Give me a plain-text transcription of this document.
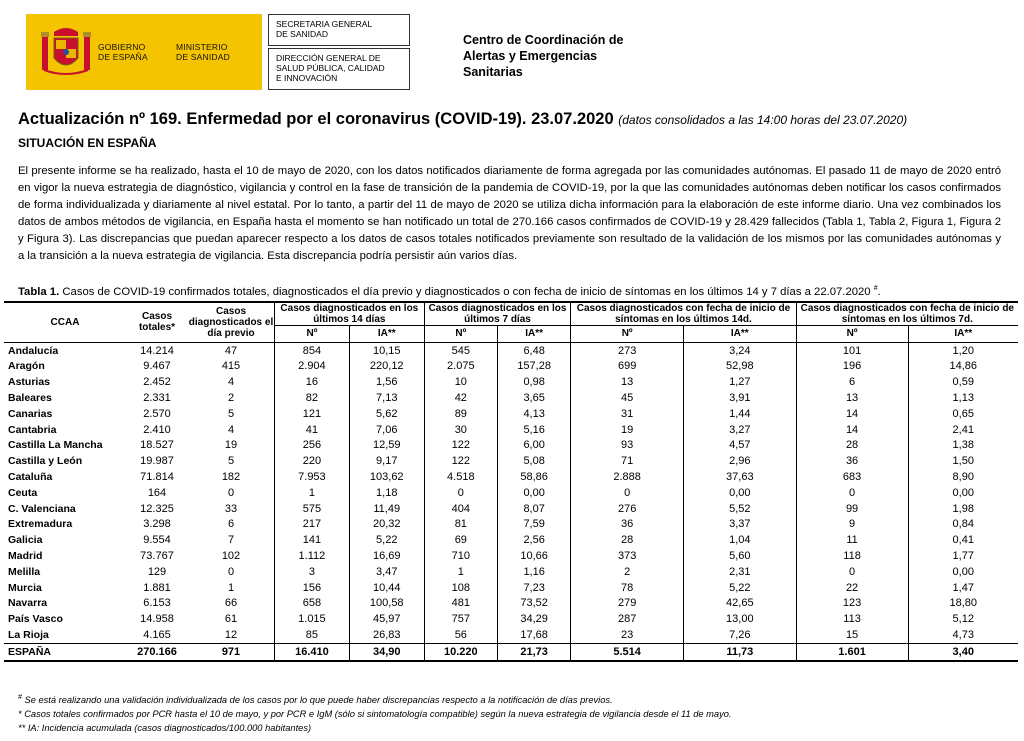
GOBIERNO
DE ESPAÑA
MINISTERIO
DE SANIDAD
SECRETARIA GENERAL
DE SANIDAD
DIRECCIÓN GENERAL DE
SALUD PÚBLICA, CALIDAD
E INNOVACIÓN
Centro de Coordinación de
Alertas y Emergencias
Sanitarias
Actualización nº 169. Enfermedad por el coronavirus (COVID-19). 23.07.2020 (datos consolidados a las 14:00 horas del 23.07.2020)
SITUACIÓN EN ESPAÑA
El presente informe se ha realizado, hasta el 10 de mayo de 2020, con los datos notificados diariamente de forma agregada por las comunidades autónomas. El pasado 11 de mayo de 2020 entró en vigor la nueva estrategia de diagnóstico, vigilancia y control en la fase de transición de la pandemia de COVID-19, por la que las comunidades autónomas deben notificar los casos confirmados de forma individualizada y diariamente al nivel estatal. Por lo tanto, a partir del 11 de mayo de 2020 se utiliza dicha información para la elaboración de este informe diario. Una vez combinados los datos de ambos métodos de vigilancia, en España hasta el momento se han notificado un total de 270.166 casos confirmados de COVID-19 y 28.429 fallecidos (Tabla 1, Tabla 2, Figura 1, Figura 2 y Figura 3). Las discrepancias que puedan aparecer respecto a los datos de casos totales notificados previamente son resultado de la validación de los mismos por las comunidades autónomas y a la transición a la nueva estrategia de vigilancia. Esta discrepancia podría persistir aún varios días.
Tabla 1. Casos de COVID-19 confirmados totales, diagnosticados el día previo y diagnosticados o con fecha de inicio de síntomas en los últimos 14 y 7 días a 22.07.2020 #.
CCAA	Casos totales*	Casos diagnosticados el día previo	Casos diagnosticados en los últimos 14 días		Casos diagnosticados en los últimos 7 días		Casos diagnosticados con fecha de inicio de síntomas en los últimos 14d.		Casos diagnosticados con fecha de inicio de síntomas en los últimos 7d.	
			Nº	IA**	Nº	IA**	Nº	IA**	Nº	IA**
Andalucía	14.214	47	854	10,15	545	6,48	273	3,24	101	1,20
Aragón	9.467	415	2.904	220,12	2.075	157,28	699	52,98	196	14,86
Asturias	2.452	4	16	1,56	10	0,98	13	1,27	6	0,59
Baleares	2.331	2	82	7,13	42	3,65	45	3,91	13	1,13
Canarias	2.570	5	121	5,62	89	4,13	31	1,44	14	0,65
Cantabria	2.410	4	41	7,06	30	5,16	19	3,27	14	2,41
Castilla La Mancha	18.527	19	256	12,59	122	6,00	93	4,57	28	1,38
Castilla y León	19.987	5	220	9,17	122	5,08	71	2,96	36	1,50
Cataluña	71.814	182	7.953	103,62	4.518	58,86	2.888	37,63	683	8,90
Ceuta	164	0	1	1,18	0	0,00	0	0,00	0	0,00
C. Valenciana	12.325	33	575	11,49	404	8,07	276	5,52	99	1,98
Extremadura	3.298	6	217	20,32	81	7,59	36	3,37	9	0,84
Galicia	9.554	7	141	5,22	69	2,56	28	1,04	11	0,41
Madrid	73.767	102	1.112	16,69	710	10,66	373	5,60	118	1,77
Melilla	129	0	3	3,47	1	1,16	2	2,31	0	0,00
Murcia	1.881	1	156	10,44	108	7,23	78	5,22	22	1,47
Navarra	6.153	66	658	100,58	481	73,52	279	42,65	123	18,80
País Vasco	14.958	61	1.015	45,97	757	34,29	287	13,00	113	5,12
La Rioja	4.165	12	85	26,83	56	17,68	23	7,26	15	4,73
ESPAÑA	270.166	971	16.410	34,90	10.220	21,73	5.514	11,73	1.601	3,40
# Se está realizando una validación individualizada de los casos por lo que puede haber discrepancias respecto a la notificación de días previos.
* Casos totales confirmados por PCR hasta el 10 de mayo, y por PCR e IgM (sólo si sintomatología compatible) según la nueva estrategia de vigilancia desde el 11 de mayo.
** IA: Incidencia acumulada (casos diagnosticados/100.000 habitantes)
